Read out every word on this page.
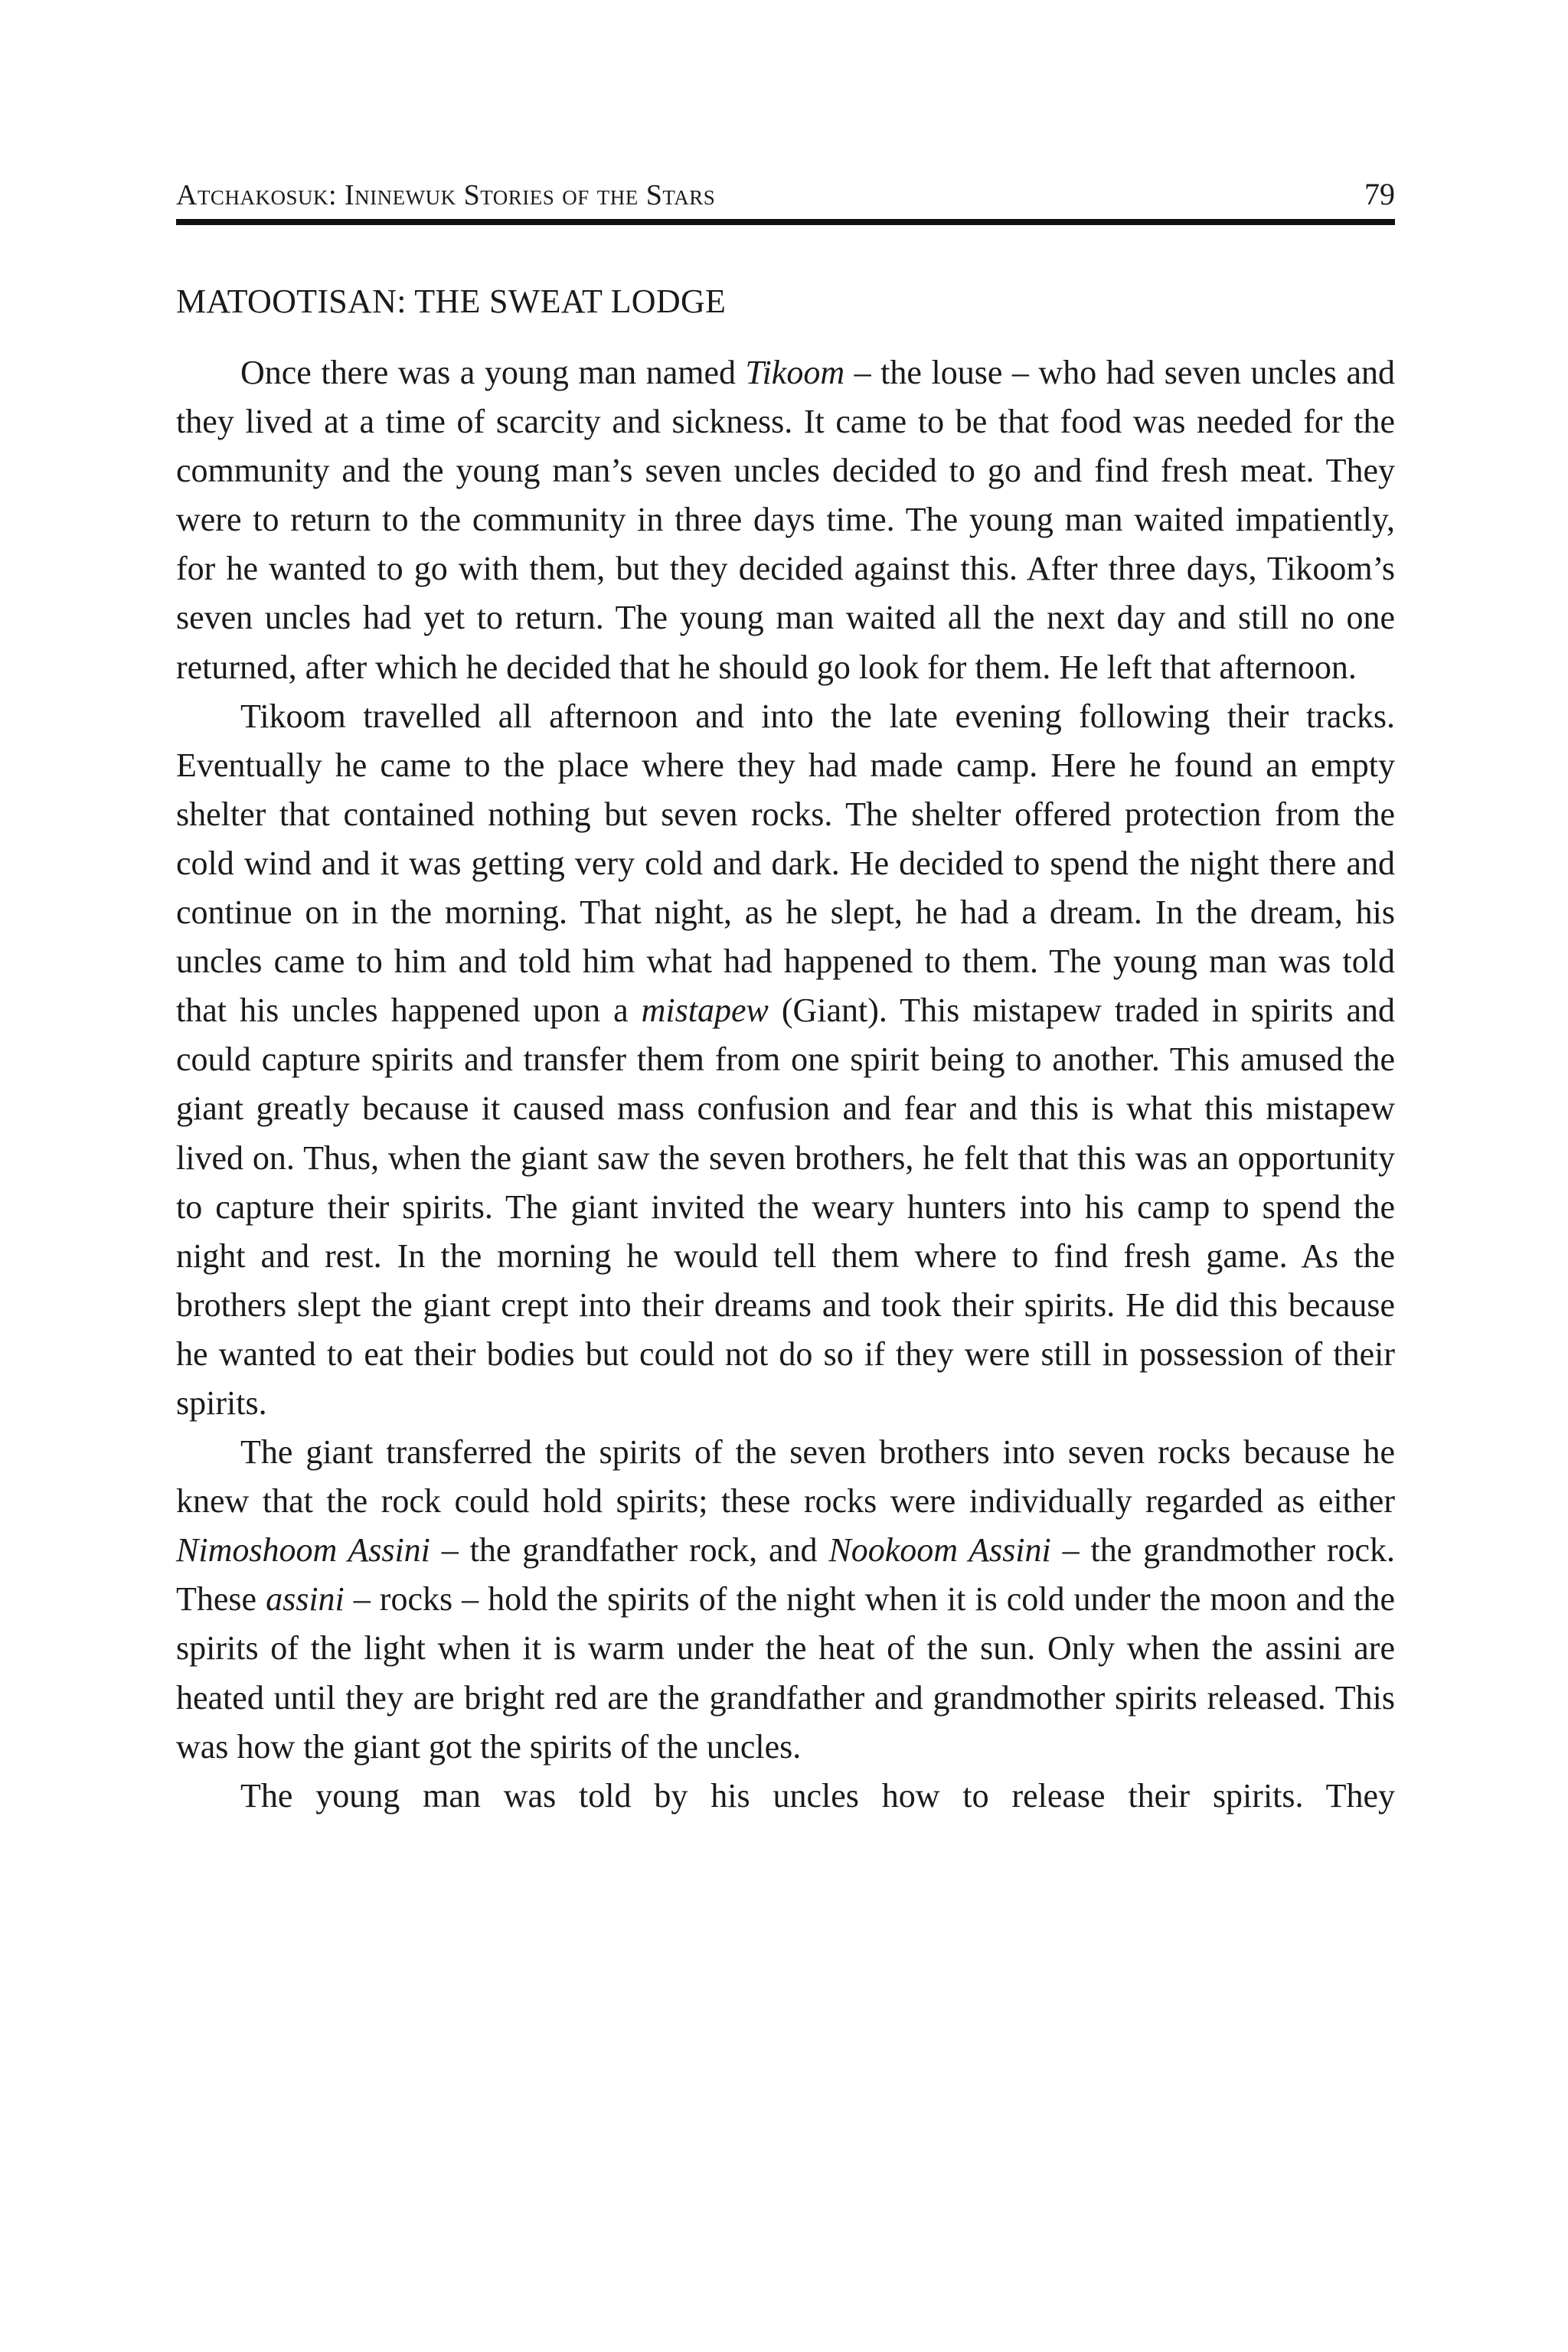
Atchakosuk: Ininewuk Stories of the Stars	79
MATOOTISAN: THE SWEAT LODGE

Once there was a young man named Tikoom – the louse – who had seven uncles and they lived at a time of scarcity and sickness. It came to be that food was needed for the community and the young man’s seven uncles decided to go and find fresh meat. They were to return to the community in three days time. The young man waited impatiently, for he wanted to go with them, but they decided against this. After three days, Tikoom’s seven uncles had yet to return. The young man waited all the next day and still no one returned, after which he decided that he should go look for them. He left that afternoon.

Tikoom travelled all afternoon and into the late evening following their tracks. Eventually he came to the place where they had made camp. Here he found an empty shelter that contained nothing but seven rocks. The shelter offered protection from the cold wind and it was getting very cold and dark. He decided to spend the night there and continue on in the morning. That night, as he slept, he had a dream. In the dream, his uncles came to him and told him what had happened to them. The young man was told that his uncles happened upon a mistapew (Giant). This mistapew traded in spirits and could capture spirits and transfer them from one spirit being to another. This amused the giant greatly because it caused mass confusion and fear and this is what this mistapew lived on. Thus, when the giant saw the seven brothers, he felt that this was an opportunity to capture their spirits. The giant invited the weary hunters into his camp to spend the night and rest. In the morning he would tell them where to find fresh game. As the brothers slept the giant crept into their dreams and took their spirits. He did this because he wanted to eat their bodies but could not do so if they were still in possession of their spirits.

The giant transferred the spirits of the seven brothers into seven rocks because he knew that the rock could hold spirits; these rocks were individually regarded as either Nimoshoom Assini – the grandfather rock, and Nookoom Assini – the grandmother rock. These assini – rocks – hold the spirits of the night when it is cold under the moon and the spirits of the light when it is warm under the heat of the sun. Only when the assini are heated until they are bright red are the grandfather and grandmother spirits released. This was how the giant got the spirits of the uncles.

The young man was told by his uncles how to release their spirits. They
